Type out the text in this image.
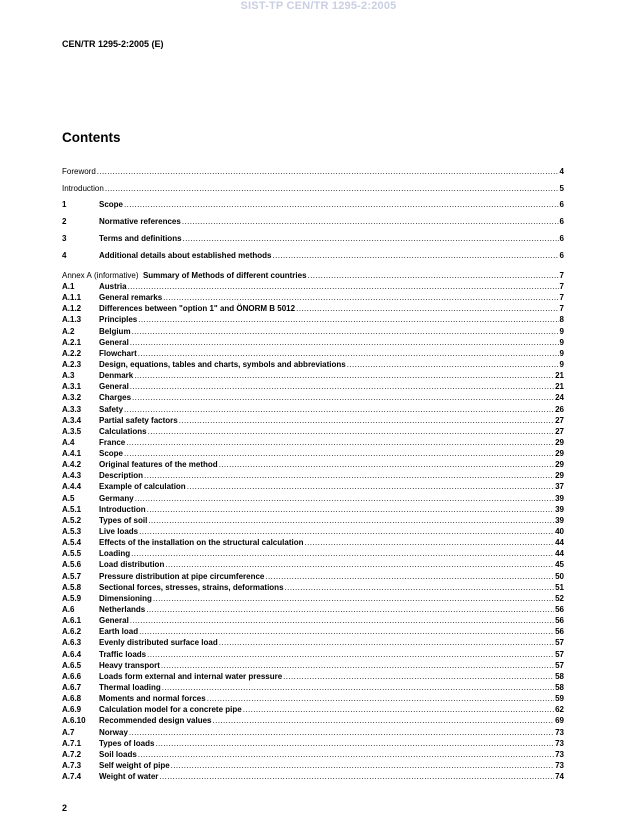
SIST-TP CEN/TR 1295-2:2005
CEN/TR 1295-2:2005 (E)
Contents
Foreword .....	4
Introduction .....	5
1	Scope .....	6
2	Normative references .....	6
3	Terms and definitions .....	6
4	Additional details about established methods .....	6
Annex A (informative) Summary of Methods of different countries .....	7
A.1	Austria .....	7
A.1.1	General remarks .....	7
A.1.2	Differences between "option 1" and ÖNORM B 5012 .....	7
A.1.3	Principles .....	8
A.2	Belgium .....	9
A.2.1	General .....	9
A.2.2	Flowchart .....	9
A.2.3	Design, equations, tables and charts, symbols and abbreviations .....	9
A.3	Denmark .....	21
A.3.1	General .....	21
A.3.2	Charges .....	24
A.3.3	Safety .....	26
A.3.4	Partial safety factors .....	27
A.3.5	Calculations .....	27
A.4	France .....	29
A.4.1	Scope .....	29
A.4.2	Original features of the method .....	29
A.4.3	Description .....	29
A.4.4	Example of calculation .....	37
A.5	Germany .....	39
A.5.1	Introduction .....	39
A.5.2	Types of soil .....	39
A.5.3	Live loads .....	40
A.5.4	Effects of the installation on the structural calculation .....	44
A.5.5	Loading .....	44
A.5.6	Load distribution .....	45
A.5.7	Pressure distribution at pipe circumference .....	50
A.5.8	Sectional forces, stresses, strains, deformations .....	51
A.5.9	Dimensioning .....	52
A.6	Netherlands .....	56
A.6.1	General .....	56
A.6.2	Earth load .....	56
A.6.3	Evenly distributed surface load .....	57
A.6.4	Traffic loads .....	57
A.6.5	Heavy transport .....	57
A.6.6	Loads form external and internal water pressure .....	58
A.6.7	Thermal loading .....	58
A.6.8	Moments and normal forces .....	59
A.6.9	Calculation model for a concrete pipe .....	62
A.6.10	Recommended design values .....	69
A.7	Norway .....	73
A.7.1	Types of loads .....	73
A.7.2	Soil loads .....	73
A.7.3	Self weight of pipe .....	73
A.7.4	Weight of water .....	74
2
